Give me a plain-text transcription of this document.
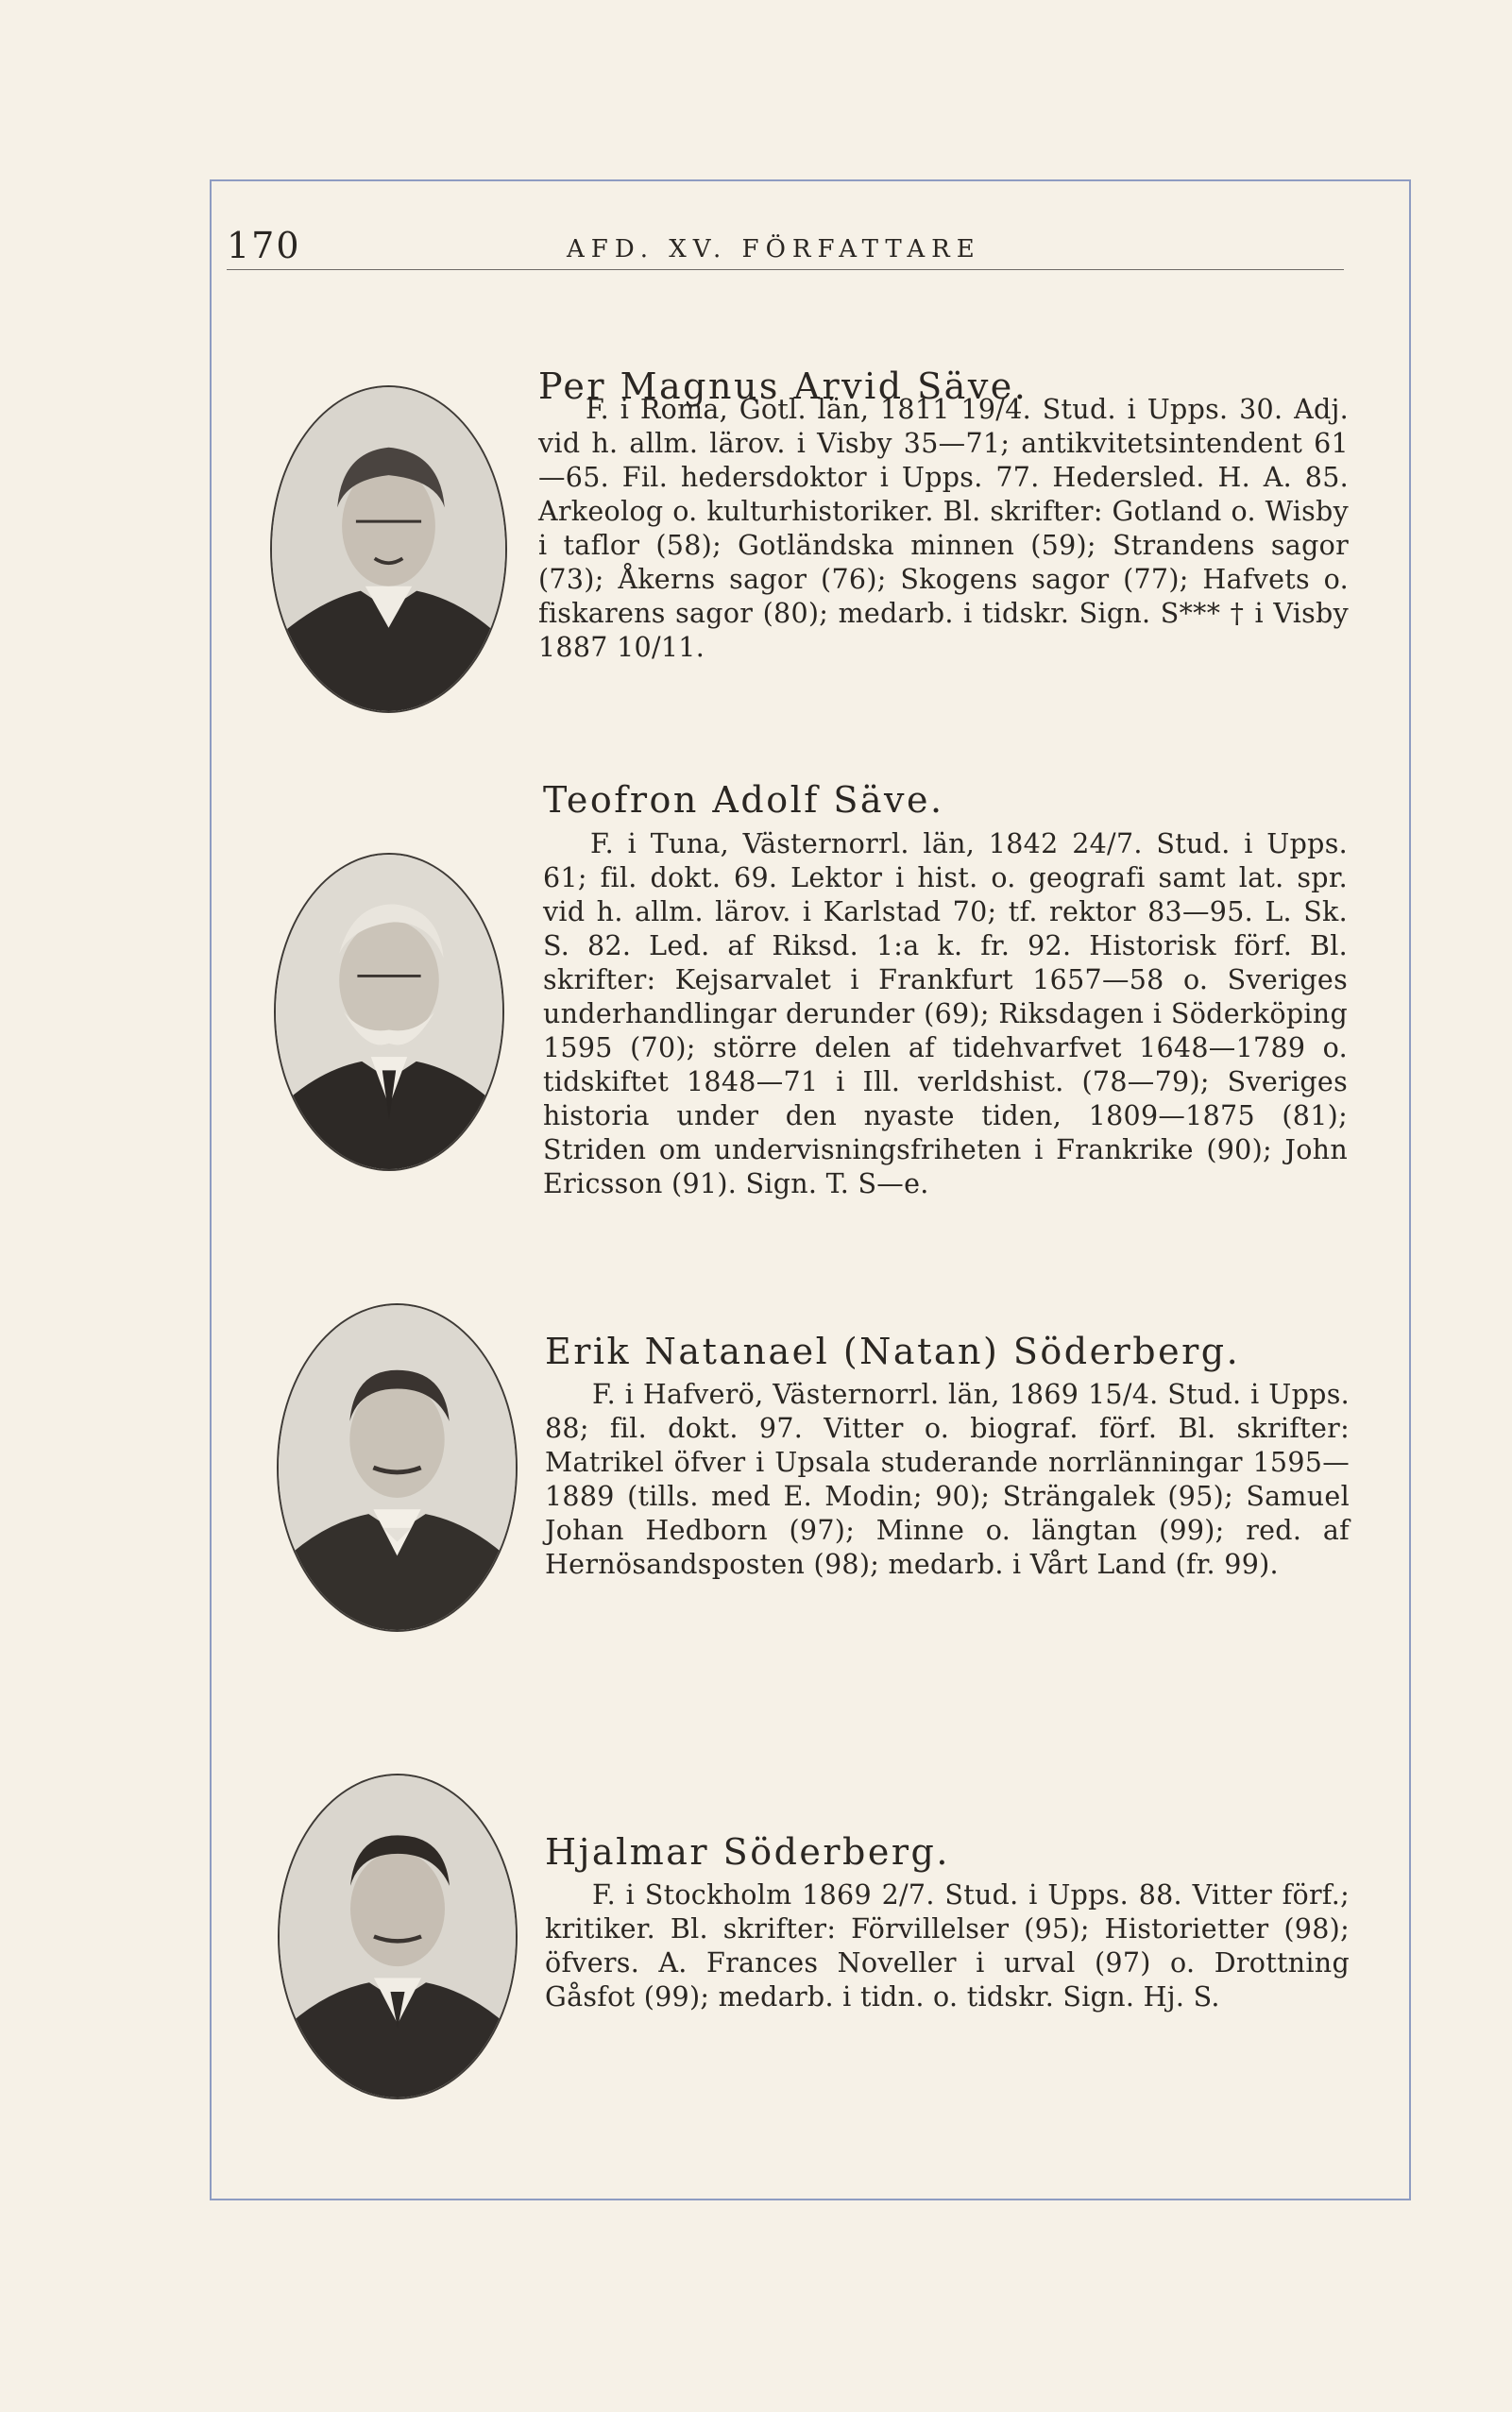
170	AFD. XV. FÖRFATTARE
Per Magnus Arvid Säve.

F. i Roma, Gotl. län, 1811 19/4. Stud. i Upps. 30. Adj. vid h. allm. lärov. i Visby 35—71; antikvitetsintendent 61—65. Fil. hedersdoktor i Upps. 77. Hedersled. H. A. 85. Arkeolog o. kulturhistoriker. Bl. skrifter: Gotland o. Wisby i taflor (58); Gotländska minnen (59); Strandens sagor (73); Åkerns sagor (76); Skogens sagor (77); Hafvets o. fiskarens sagor (80); medarb. i tidskr. Sign. S*** † i Visby 1887 10/11.

Teofron Adolf Säve.

F. i Tuna, Västernorrl. län, 1842 24/7. Stud. i Upps. 61; fil. dokt. 69. Lektor i hist. o. geografi samt lat. spr. vid h. allm. lärov. i Karlstad 70; tf. rektor 83—95. L. Sk. S. 82. Led. af Riksd. 1:a k. fr. 92. Historisk förf. Bl. skrifter: Kejsarvalet i Frankfurt 1657—58 o. Sveriges underhandlingar derunder (69); Riksdagen i Söderköping 1595 (70); större delen af tidehvarfvet 1648—1789 o. tidskiftet 1848—71 i Ill. verldshist. (78—79); Sveriges historia under den nyaste tiden, 1809—1875 (81); Striden om undervisningsfriheten i Frankrike (90); John Ericsson (91). Sign. T. S—e.

Erik Natanael (Natan) Söderberg.

F. i Hafverö, Västernorrl. län, 1869 15/4. Stud. i Upps. 88; fil. dokt. 97. Vitter o. biograf. förf. Bl. skrifter: Matrikel öfver i Upsala studerande norrlänningar 1595—1889 (tills. med E. Modin; 90); Strängalek (95); Samuel Johan Hedborn (97); Minne o. längtan (99); red. af Hernösandsposten (98); medarb. i Vårt Land (fr. 99).

Hjalmar Söderberg.

F. i Stockholm 1869 2/7. Stud. i Upps. 88. Vitter förf.; kritiker. Bl. skrifter: Förvillelser (95); Historietter (98); öfvers. A. Frances Noveller i urval (97) o. Drottning Gåsfot (99); medarb. i tidn. o. tidskr. Sign. Hj. S.
